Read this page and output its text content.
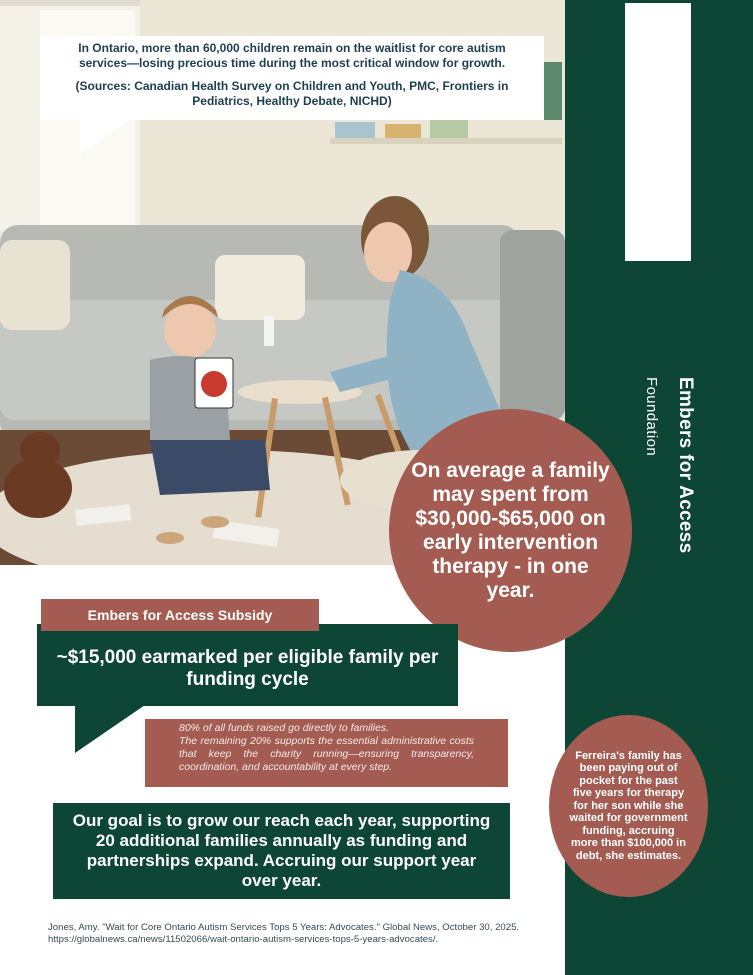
In Ontario, more than 60,000 children remain on the waitlist for core autism services—losing precious time during the most critical window for growth.

(Sources: Canadian Health Survey on Children and Youth, PMC, Frontiers in Pediatrics, Healthy Debate, NICHD)

Embers for Access
Foundation
On average a family may spent from $30,000-$65,000 on early intervention therapy - in one year.
Embers for Access Subsidy
~$15,000 earmarked per eligible family per funding cycle
80% of all funds raised go directly to families.
The remaining 20% supports the essential administrative costs that keep the charity running—ensuring transparency, coordination, and accountability at every step.
Our goal is to grow our reach each year, supporting 20 additional families annually as funding and partnerships expand. Accruing our support year over year.
Ferreira's family has been paying out of pocket for the past five years for therapy for her son while she waited for government funding, accruing more than $100,000 in debt, she estimates.
Jones, Amy. "Wait for Core Ontario Autism Services Tops 5 Years: Advocates." Global News, October 30, 2025. https://globalnews.ca/news/11502066/wait-ontario-autism-services-tops-5-years-advocates/.
